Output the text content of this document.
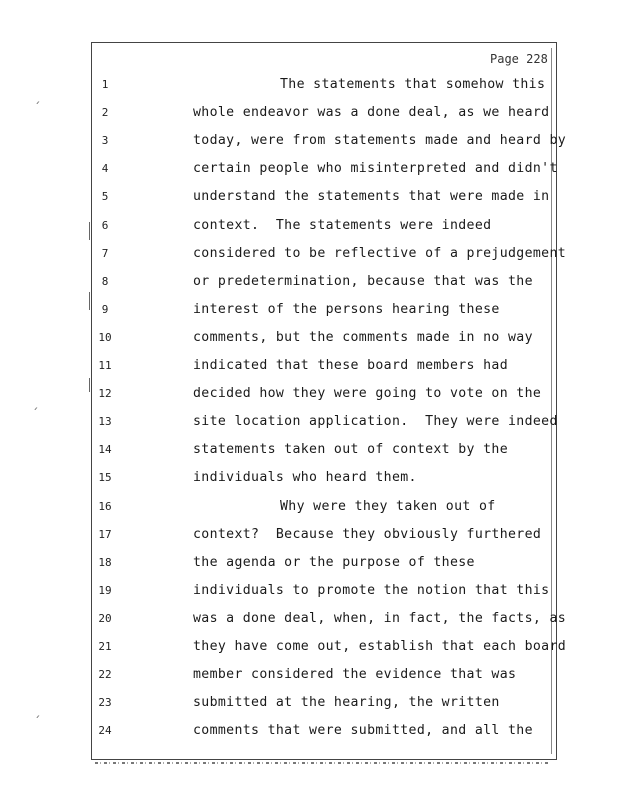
Page 228
1	The statements that somehow this
2	whole endeavor was a done deal, as we heard
3	today, were from statements made and heard by
4	certain people who misinterpreted and didn't
5	understand the statements that were made in
6	context.  The statements were indeed
7	considered to be reflective of a prejudgement
8	or predetermination, because that was the
9	interest of the persons hearing these
10	comments, but the comments made in no way
11	indicated that these board members had
12	decided how they were going to vote on the
13	site location application.  They were indeed
14	statements taken out of context by the
15	individuals who heard them.
16	Why were they taken out of
17	context?  Because they obviously furthered
18	the agenda or the purpose of these
19	individuals to promote the notion that this
20	was a done deal, when, in fact, the facts, as
21	they have come out, establish that each board
22	member considered the evidence that was
23	submitted at the hearing, the written
24	comments that were submitted, and all the
ˏ
ˏ
ˏ
